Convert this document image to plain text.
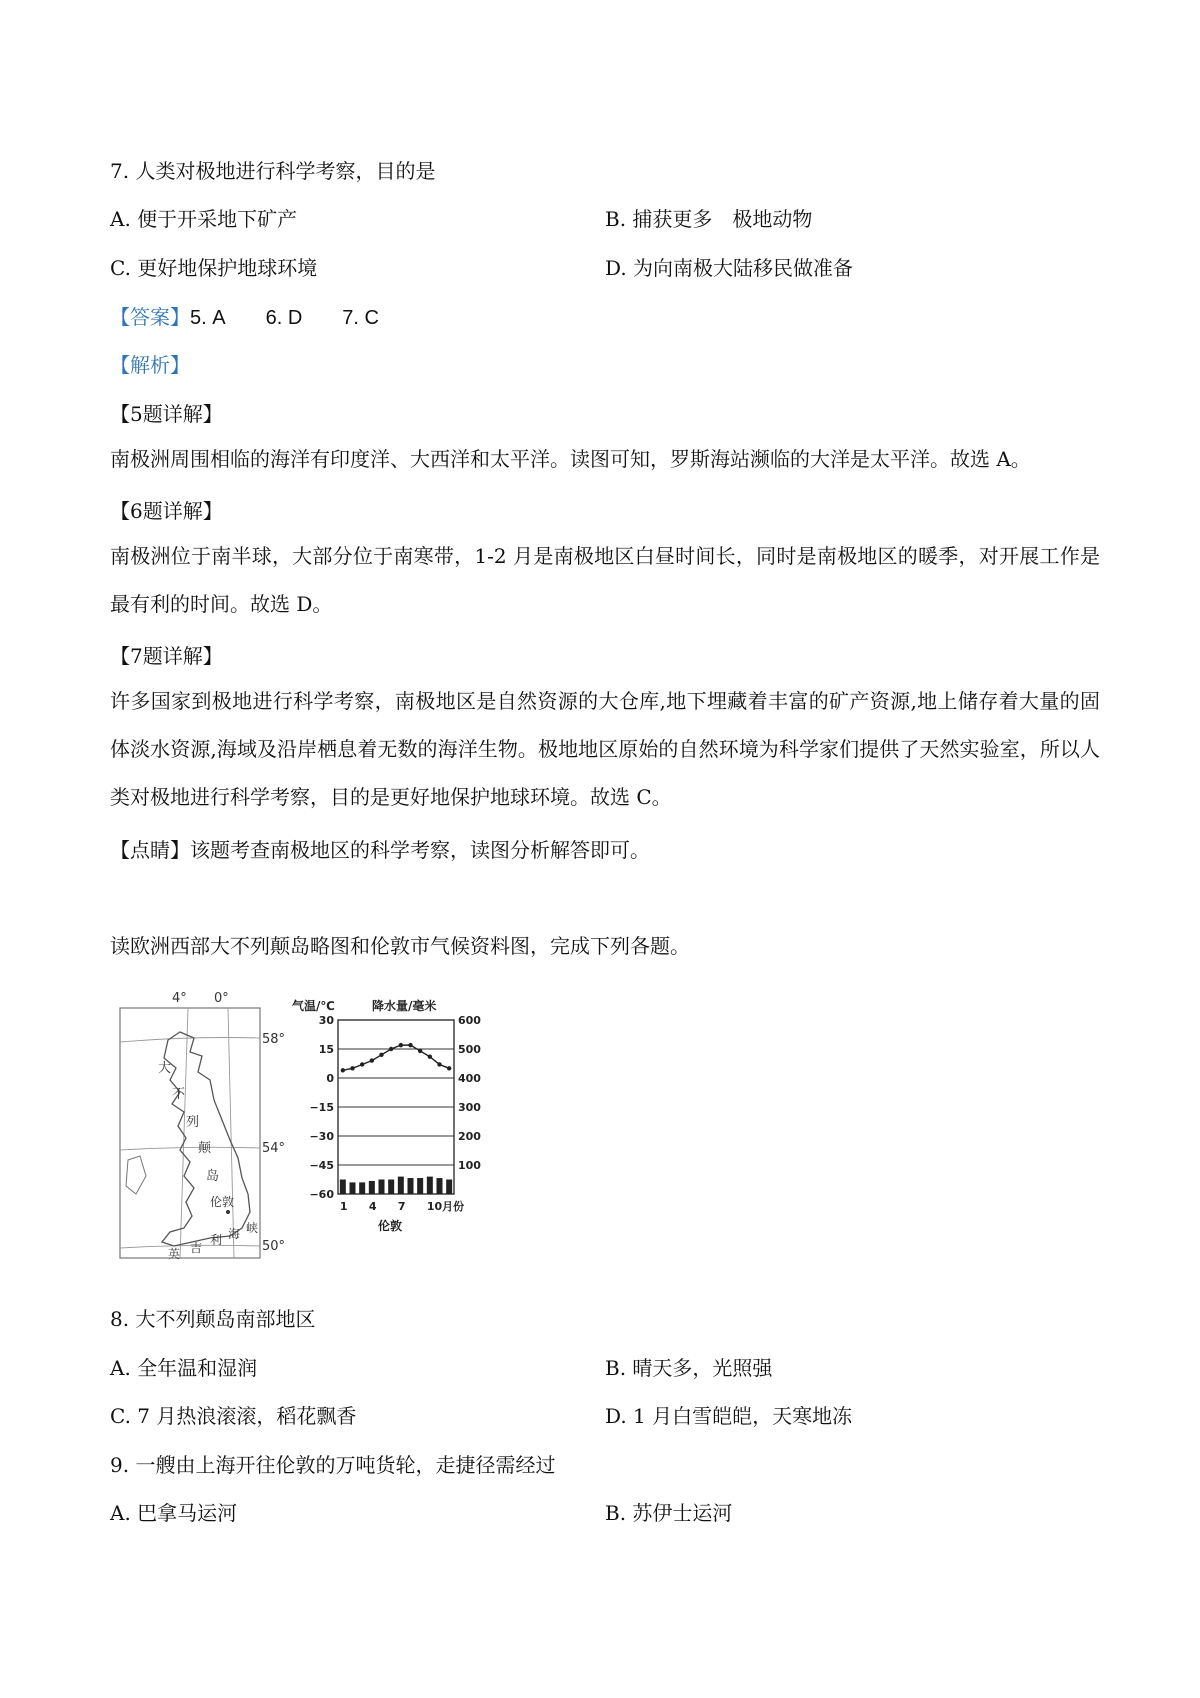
7. 人类对极地进行科学考察，目的是
A. 便于开采地下矿产	B. 捕获更多　极地动物
C. 更好地保护地球环境	D. 为向南极大陆移民做准备
【答案】5. A 6. D 7. C
【解析】
【5题详解】
南极洲周围相临的海洋有印度洋、大西洋和太平洋。读图可知，罗斯海站濒临的大洋是太平洋。故选 A。
【6题详解】
南极洲位于南半球，大部分位于南寒带，1-2 月是南极地区白昼时间长，同时是南极地区的暖季，对开展工作是最有利的时间。故选 D。
【7题详解】
许多国家到极地进行科学考察，南极地区是自然资源的大仓库,地下埋藏着丰富的矿产资源,地上储存着大量的固体淡水资源,海域及沿岸栖息着无数的海洋生物。极地地区原始的自然环境为科学家们提供了天然实验室，所以人类对极地进行科学考察，目的是更好地保护地球环境。故选 C。
【点睛】该题考查南极地区的科学考察，读图分析解答即可。
读欧洲西部大不列颠岛略图和伦敦市气候资料图，完成下列各题。
4° 0°
58°
54°
50°
大
不
列
颠
岛
伦敦
英 吉
利 海 峡
气温/℃	降水量/毫米
30
15
0
−15
−30
−45
−60
600
500
400
300
200
100
1 4 7 10月份
伦敦
8. 大不列颠岛南部地区
A. 全年温和湿润	B. 晴天多，光照强
C. 7 月热浪滚滚，稻花飘香	D. 1 月白雪皑皑，天寒地冻
9. 一艘由上海开往伦敦的万吨货轮，走捷径需经过
A. 巴拿马运河	B. 苏伊士运河
